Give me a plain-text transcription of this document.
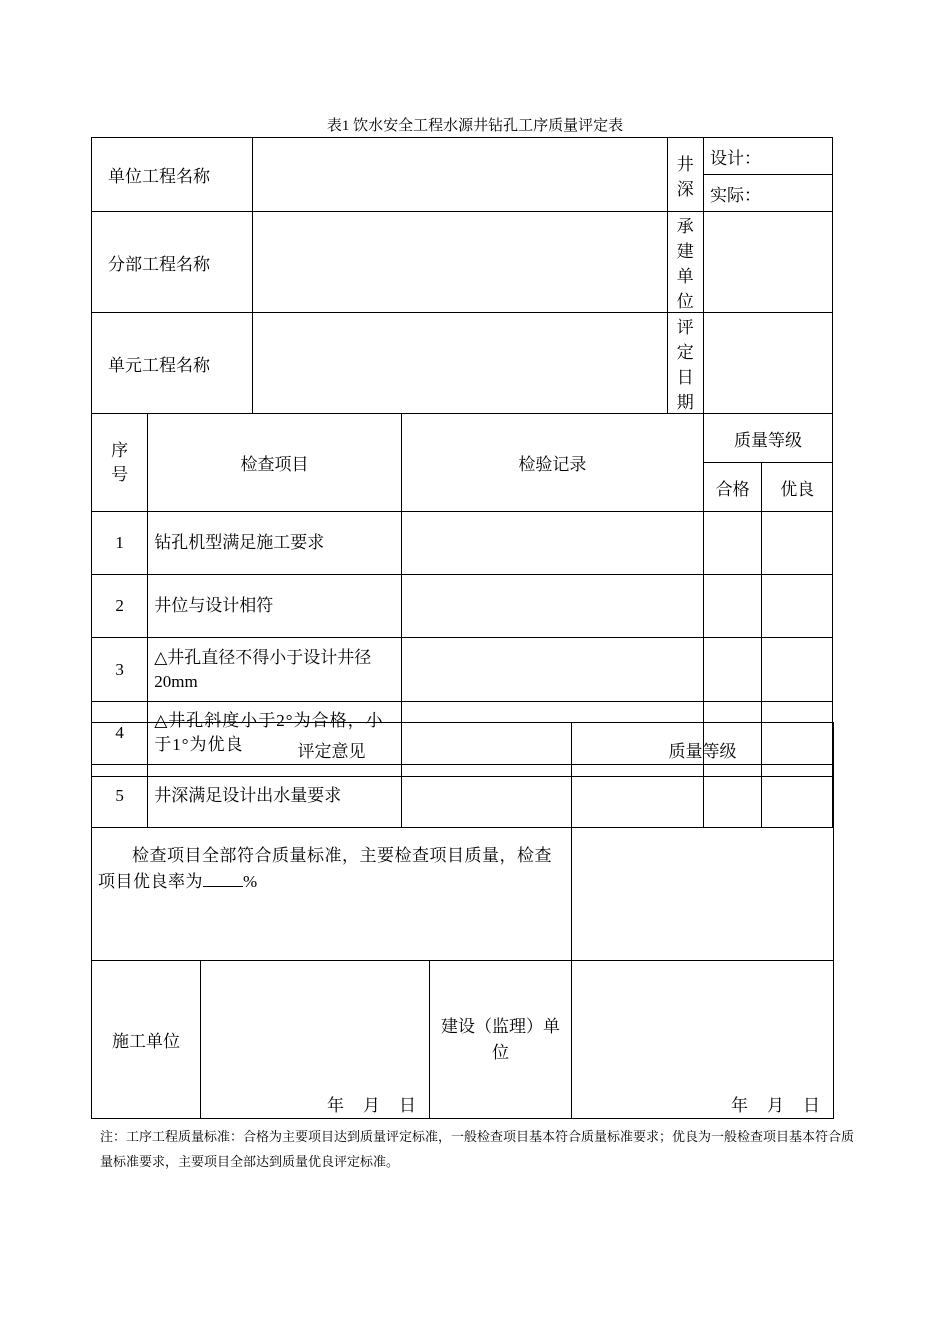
表1 饮水安全工程水源井钻孔工序质量评定表
单位工程名称				井深	设计：	
					实际：	
分部工程名称				承建单位		
单元工程名称				评定日期		
序号	检查项目		检验记录		质量等级	
					合格	优良
1	钻孔机型满足施工要求					
2	井位与设计相符					
3	△井孔直径不得小于设计井径20mm					
4	△井孔斜度小于2°为合格，小于1°为优良					
5	井深满足设计出水量要求					
评定意见			质量等级

检查项目全部符合质量标准，主要检查项目质量，检查项目优良率为 %			

施工单位	年　月　日	建设（监理）单位	年　月　日
注：工序工程质量标准：合格为主要项目达到质量评定标准，一般检查项目基本符合质量标准要求；优良为一般检查项目基本符合质量标准要求，主要项目全部达到质量优良评定标准。
